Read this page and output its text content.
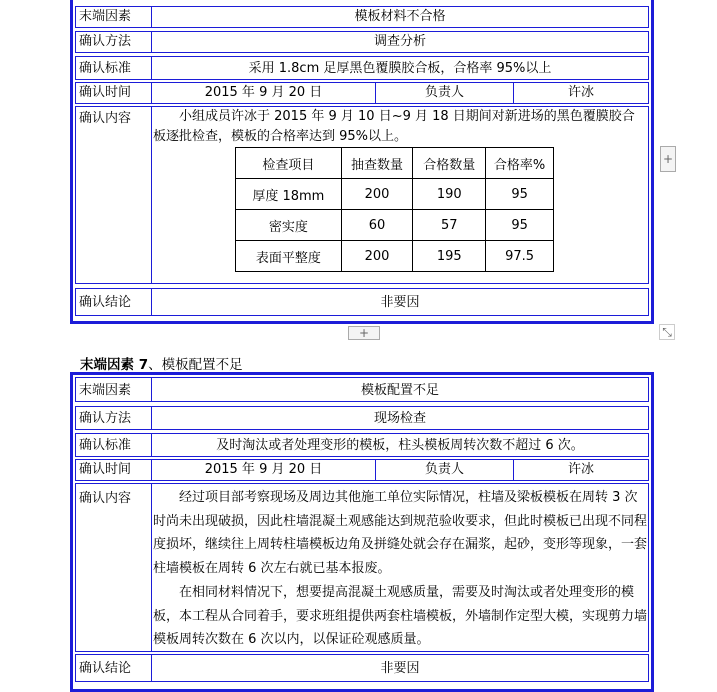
末端因素	模板材料不合格
确认方法	调查分析
确认标准	采用 1.8cm 足厚黑色覆膜胶合板，合格率 95%以上
确认时间	2015 年 9 月 20 日	负责人	许冰
确认内容	小组成员许冰于 2015 年 9 月 10 日~9 月 18 日期间对新进场的黑色覆膜胶合板逐批检查，模板的合格率达到 95%以上。
检查项目	抽查数量	合格数量	合格率%
厚度 18mm	200	190	95
密实度	60	57	95
表面平整度	200	195	97.5
确认结论	非要因
+
+	⤡
末端因素 7、模板配置不足
末端因素	模板配置不足
确认方法	现场检查
确认标准	及时淘汰或者处理变形的模板，柱头模板周转次数不超过 6 次。
确认时间	2015 年 9 月 20 日	负责人	许冰
确认内容	经过项目部考察现场及周边其他施工单位实际情况，柱墙及梁板模板在周转 3 次时尚未出现破损，因此柱墙混凝土观感能达到规范验收要求，但此时模板已出现不同程度损坏，继续往上周转柱墙模板边角及拼缝处就会存在漏浆，起砂，变形等现象，一套柱墙模板在周转 6 次左右就已基本报废。
在相同材料情况下，想要提高混凝土观感质量，需要及时淘汰或者处理变形的模板，本工程从合同着手，要求班组提供两套柱墙模板，外墙制作定型大模，实现剪力墙模板周转次数在 6 次以内，以保证砼观感质量。
确认结论	非要因
